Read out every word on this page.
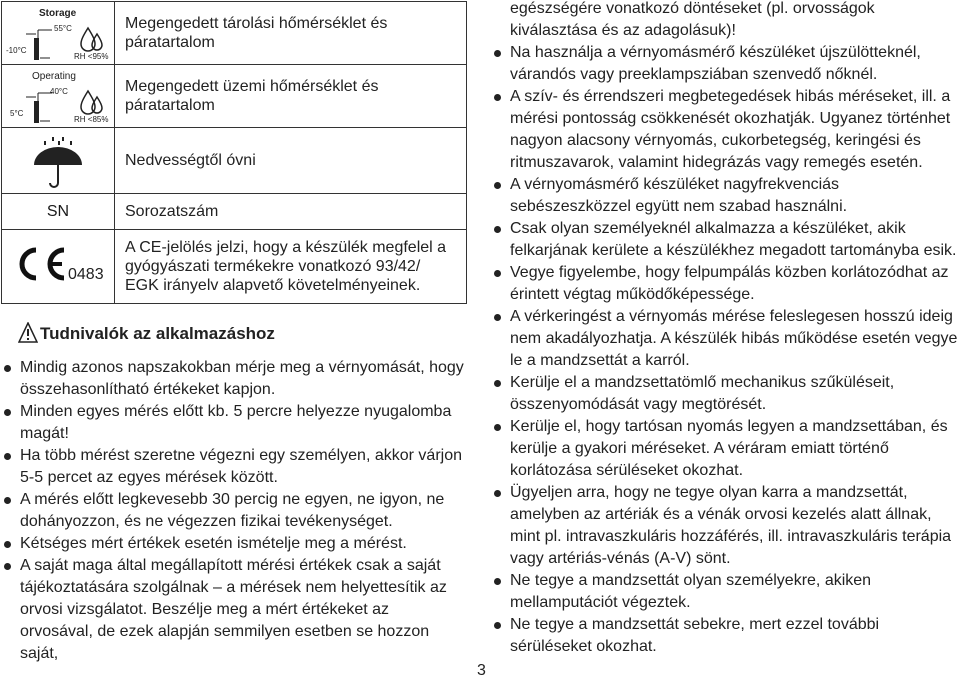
Storage
55°C
-10°C
RH <95%	Megengedett tárolási hőmérséklet és páratartalom

Operating
40°C
5°C
RH <85%	Megengedett üzemi hőmérséklet és páratartalom

	Nedvességtől óvni
SN	Sorozatszám

0483	A CE-jelölés jelzi, hogy a készülék megfelel a gyógyászati termékekre vonatkozó 93/42/ EGK irányelv alapvető követelményeinek.
Tudnivalók az alkalmazáshoz
Mindig azonos napszakokban mérje meg a vérnyomását, hogy összehasonlítható értékeket kapjon.
Minden egyes mérés előtt kb. 5 percre helyezze nyugalomba magát!
Ha több mérést szeretne végezni egy személyen, akkor várjon 5-5 percet az egyes mérések között.
A mérés előtt legkevesebb 30 percig ne egyen, ne igyon, ne dohányozzon, és ne végezzen fizikai tevékenységet.
Kétséges mért értékek esetén ismételje meg a mérést.
A saját maga által megállapított mérési értékek csak a saját tájékoztatására szolgálnak – a mérések nem helyettesítik az orvosi vizsgálatot. Beszélje meg a mért értékeket az orvosával, de ezek alapján semmilyen esetben se hozzon saját,
egészségére vonatkozó döntéseket (pl. orvosságok kiválasztása és az adagolásuk)!
Na használja a vérnyomásmérő készüléket újszülötteknél, várandós vagy preeklampsziában szenvedő nőknél.
A szív- és érrendszeri megbetegedések hibás méréseket, ill. a mérési pontosság csökkenését okozhatják. Ugyanez történhet nagyon alacsony vérnyomás, cukorbetegség, keringési és ritmuszavarok, valamint hidegrázás vagy remegés esetén.
A vérnyomásmérő készüléket nagyfrekvenciás sebészeszközzel együtt nem szabad használni.
Csak olyan személyeknél alkalmazza a készüléket, akik felkarjának kerülete a készülékhez megadott tartományba esik.
Vegye figyelembe, hogy felpumpálás közben korlátozódhat az érintett végtag működőképessége.
A vérkeringést a vérnyomás mérése feleslegesen hosszú ideig nem akadályozhatja. A készülék hibás működése esetén vegye le a mandzsettát a karról.
Kerülje el a mandzsettatömlő mechanikus szűküléseit, összenyomódását vagy megtörését.
Kerülje el, hogy tartósan nyomás legyen a mandzsettában, és kerülje a gyakori méréseket. A véráram emiatt történő korlátozása sérüléseket okozhat.
Ügyeljen arra, hogy ne tegye olyan karra a mandzsettát, amelyben az artériák és a vénák orvosi kezelés alatt állnak, mint pl. intravaszkuláris hozzáférés, ill. intravaszkuláris terápia vagy artériás-vénás (A-V) sönt.
Ne tegye a mandzsettát olyan személyekre, akiken mellamputációt végeztek.
Ne tegye a mandzsettát sebekre, mert ezzel további sérüléseket okozhat.
3
